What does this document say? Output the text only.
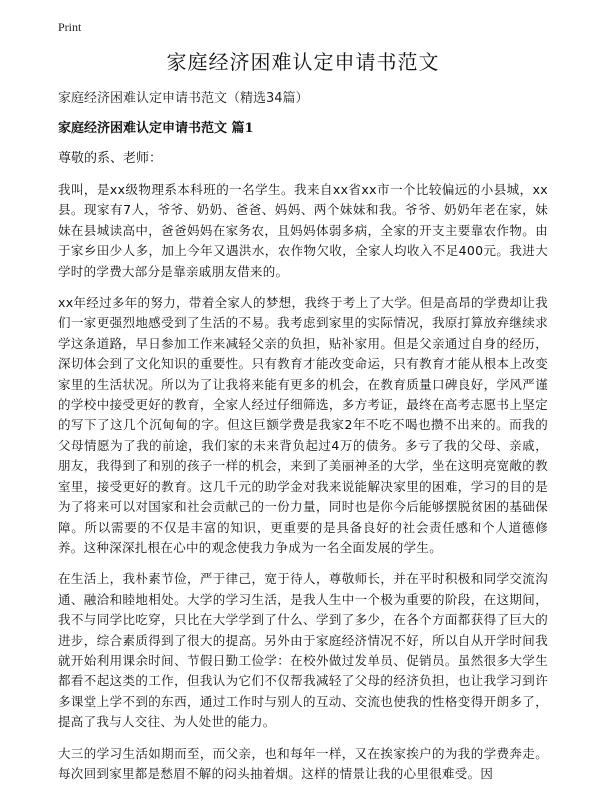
Print
家庭经济困难认定申请书范文

家庭经济困难认定申请书范文（精选34篇）

家庭经济困难认定申请书范文 篇1

尊敬的系、老师：

我叫，是xx级物理系本科班的一名学生。我来自xx省xx市一个比较偏远的小县城，xx县。现家有7人，爷爷、奶奶、爸爸、妈妈、两个妹妹和我。爷爷、奶奶年老在家，妹妹在县城读高中，爸爸妈妈在家务农，且妈妈体弱多病，全家的开支主要靠农作物。由于家乡田少人多，加上今年又遇洪水，农作物欠收，全家人均收入不足400元。我进大学时的学费大部分是靠亲戚朋友借来的。

xx年经过多年的努力，带着全家人的梦想，我终于考上了大学。但是高昂的学费却让我们一家更强烈地感受到了生活的不易。我考虑到家里的实际情况，我原打算放弃继续求学这条道路，早日参加工作来减轻父亲的负担，贴补家用。但是父亲通过自身的经历，深切体会到了文化知识的重要性。只有教育才能改变命运，只有教育才能从根本上改变家里的生活状况。所以为了让我将来能有更多的机会，在教育质量口碑良好，学风严谨的学校中接受更好的教育，全家人经过仔细筛选，多方考证，最终在高考志愿书上坚定的写下了这几个沉甸甸的字。但这巨额学费是我家2年不吃不喝也攒不出来的。而我的父母情愿为了我的前途，我们家的未来背负起过4万的债务。多亏了我的父母、亲戚，朋友，我得到了和别的孩子一样的机会，来到了美丽神圣的大学，坐在这明亮宽敞的教室里，接受更好的教育。这几千元的助学金对我来说能解决家里的困难，学习的目的是为了将来可以对国家和社会贡献己的一份力量，同时也是你今后能够摆脱贫困的基础保障。所以需要的不仅是丰富的知识，更重要的是具备良好的社会责任感和个人道德修养。这种深深扎根在心中的观念使我力争成为一名全面发展的学生。

在生活上，我朴素节俭，严于律己，宽于待人，尊敬师长，并在平时积极和同学交流沟通、融洽和睦地相处。大学的学习生活，是我人生中一个极为重要的阶段，在这期间，我不与同学比吃穿，只比在大学学到了什么、学到了多少，在各个方面都获得了巨大的进步，综合素质得到了很大的提高。另外由于家庭经济情况不好，所以自从开学时间我就开始利用课余时间、节假日勤工俭学：在校外做过发单员、促销员。虽然很多大学生都看不起这类的工作，但我认为它们不仅帮我减轻了父母的经济负担，也让我学习到许多课堂上学不到的东西，通过工作时与别人的互动、交流也使我的性格变得开朗多了，提高了我与人交往、为人处世的能力。

大三的学习生活如期而至，而父亲，也和每年一样，又在挨家挨户的为我的学费奔走。每次回到家里都是愁眉不解的闷头抽着烟。这样的情景让我的心里很难受。因
